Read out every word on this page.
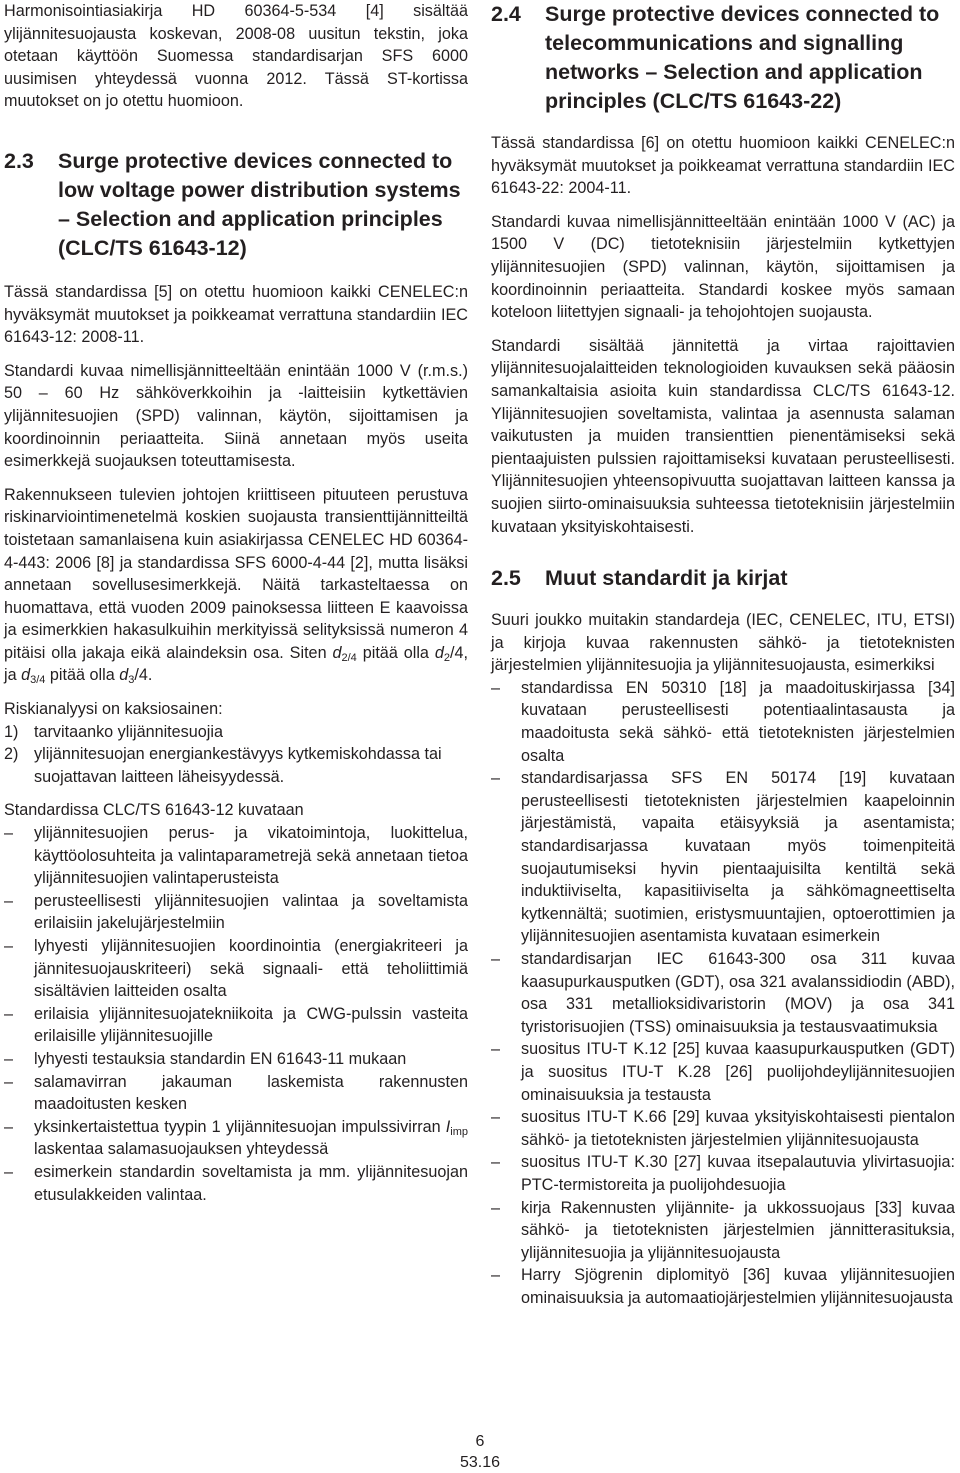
Harmonisointiasiakirja HD 60364-5-534 [4] sisältää ylijännitesuojausta koskevan, 2008-08 uusitun tekstin, joka otetaan käyttöön Suomessa standardisarjan SFS 6000 uusimisen yhteydessä vuonna 2012. Tässä ST-kortissa muutokset on jo otettu huomioon.

2.3	Surge protective devices connected to low voltage power distribution systems – Selection and application principles (CLC/TS 61643-12)

Tässä standardissa [5] on otettu huomioon kaikki CENELEC:n hyväksymät muutokset ja poikkeamat verrattuna standardiin IEC 61643-12: 2008-11.

Standardi kuvaa nimellisjännitteeltään enintään 1000 V (r.m.s.) 50 – 60 Hz sähköverkkoihin ja -laitteisiin kytkettävien ylijännitesuojien (SPD) valinnan, käytön, sijoittamisen ja koordinoinnin periaatteita. Siinä annetaan myös useita esimerkkejä suojauksen toteuttamisesta.

Rakennukseen tulevien johtojen kriittiseen pituuteen perustuva riskinarviointimenetelmä koskien suojausta transienttijännitteiltä toistetaan samanlaisena kuin asiakirjassa CENELEC HD 60364-4-443: 2006 [8] ja standardissa SFS 6000-4-44 [2], mutta lisäksi annetaan sovellusesimerkkejä. Näitä tarkasteltaessa on huomattava, että vuoden 2009 painoksessa liitteen E kaavoissa ja esimerkkien hakasulkuihin merkityissä selityksissä numeron 4 pitäisi olla jakaja eikä alaindeksin osa. Siten $d_{2/4}$ pitää olla $d_2/4$, ja $d_{3/4}$ pitää olla $d_3/4$.

Riskianalyysi on kaksiosainen:

1) tarvitaanko ylijännitesuojia
2) ylijännitesuojan energiankestävyys kytkemiskohdassa tai suojattavan laitteen läheisyydessä.

Standardissa CLC/TS 61643-12 kuvataan

– ylijännitesuojien perus- ja vikatoimintoja, luokittelua, käyttöolosuhteita ja valintaparametrejä sekä annetaan tietoa ylijännitesuojien valintaperusteista
– perusteellisesti ylijännitesuojien valintaa ja soveltamista erilaisiin jakelujärjestelmiin
– lyhyesti ylijännitesuojien koordinointia (energiakriteeri ja jännitesuojauskriteeri) sekä signaali- että teholiittimiä sisältävien laitteiden osalta
– erilaisia ylijännitesuojatekniikoita ja CWG-pulssin vasteita erilaisille ylijännitesuojille
– lyhyesti testauksia standardin EN 61643-11 mukaan
– salamavirran jakauman laskemista rakennusten maadoitusten kesken
– yksinkertaistettua tyypin 1 ylijännitesuojan impulssivirran $I_{imp}$ laskentaa salamasuojauksen yhteydessä
– esimerkein standardin soveltamista ja mm. ylijännitesuojan etusulakkeiden valintaa.
2.4	Surge protective devices connected to telecommunications and signalling networks – Selection and application principles (CLC/TS 61643-22)

Tässä standardissa [6] on otettu huomioon kaikki CENELEC:n hyväksymät muutokset ja poikkeamat verrattuna standardiin IEC 61643-22: 2004-11.

Standardi kuvaa nimellisjännitteeltään enintään 1000 V (AC) ja 1500 V (DC) tietoteknisiin järjestelmiin kytkettyjen ylijännitesuojien (SPD) valinnan, käytön, sijoittamisen ja koordinoinnin periaatteita. Standardi koskee myös samaan koteloon liitettyjen signaali- ja tehojohtojen suojausta.

Standardi sisältää jännitettä ja virtaa rajoittavien ylijännitesuojalaitteiden teknologioiden kuvauksen sekä pääosin samankaltaisia asioita kuin standardissa CLC/TS 61643-12. Ylijännitesuojien soveltamista, valintaa ja asennusta salaman vaikutusten ja muiden transienttien pienentämiseksi sekä pientaajuisten pulssien rajoittamiseksi kuvataan perusteellisesti. Ylijännitesuojien yhteensopivuutta suojattavan laitteen kanssa ja suojien siirto-ominaisuuksia suhteessa tietoteknisiin järjestelmiin kuvataan yksityiskohtaisesti.

2.5	Muut standardit ja kirjat

Suuri joukko muitakin standardeja (IEC, CENELEC, ITU, ETSI) ja kirjoja kuvaa rakennusten sähkö- ja tietoteknisten järjestelmien ylijännitesuojia ja ylijännitesuojausta, esimerkiksi

– standardissa EN 50310 [18] ja maadoituskirjassa [34] kuvataan perusteellisesti potentiaalintasausta ja maadoitusta sekä sähkö- että tietoteknisten järjestelmien osalta
– standardisarjassa SFS EN 50174 [19] kuvataan perusteellisesti tietoteknisten järjestelmien kaapeloinnin järjestämistä, vapaita etäisyyksiä ja asentamista; standardisarjassa kuvataan myös toimenpiteitä suojautumiseksi hyvin pientaajuisilta kentiltä sekä induktiiviselta, kapasitiiviselta ja sähkömagneettiselta kytkennältä; suotimien, eristysmuuntajien, optoerottimien ja ylijännitesuojien asentamista kuvataan esimerkein
– standardisarjan IEC 61643-300 osa 311 kuvaa kaasupurkausputken (GDT), osa 321 avalanssidiodin (ABD), osa 331 metallioksidivaristorin (MOV) ja osa 341 tyristorisuojien (TSS) ominaisuuksia ja testausvaatimuksia
– suositus ITU-T K.12 [25] kuvaa kaasupurkausputken (GDT) ja suositus ITU-T K.28 [26] puolijohdeylijännitesuojien ominaisuuksia ja testausta
– suositus ITU-T K.66 [29] kuvaa yksityiskohtaisesti pientalon sähkö- ja tietoteknisten järjestelmien ylijännitesuojausta
– suositus ITU-T K.30 [27] kuvaa itsepalautuvia ylivirtasuojia: PTC-termistoreita ja puolijohdesuojia
– kirja Rakennusten ylijännite- ja ukkossuojaus [33] kuvaa sähkö- ja tietoteknisten järjestelmien jännitterasituksia, ylijännitesuojia ja ylijännitesuojausta
– Harry Sjögrenin diplomityö [36] kuvaa ylijännitesuojien ominaisuuksia ja automaatiojärjestelmien ylijännitesuojausta
6
53.16
